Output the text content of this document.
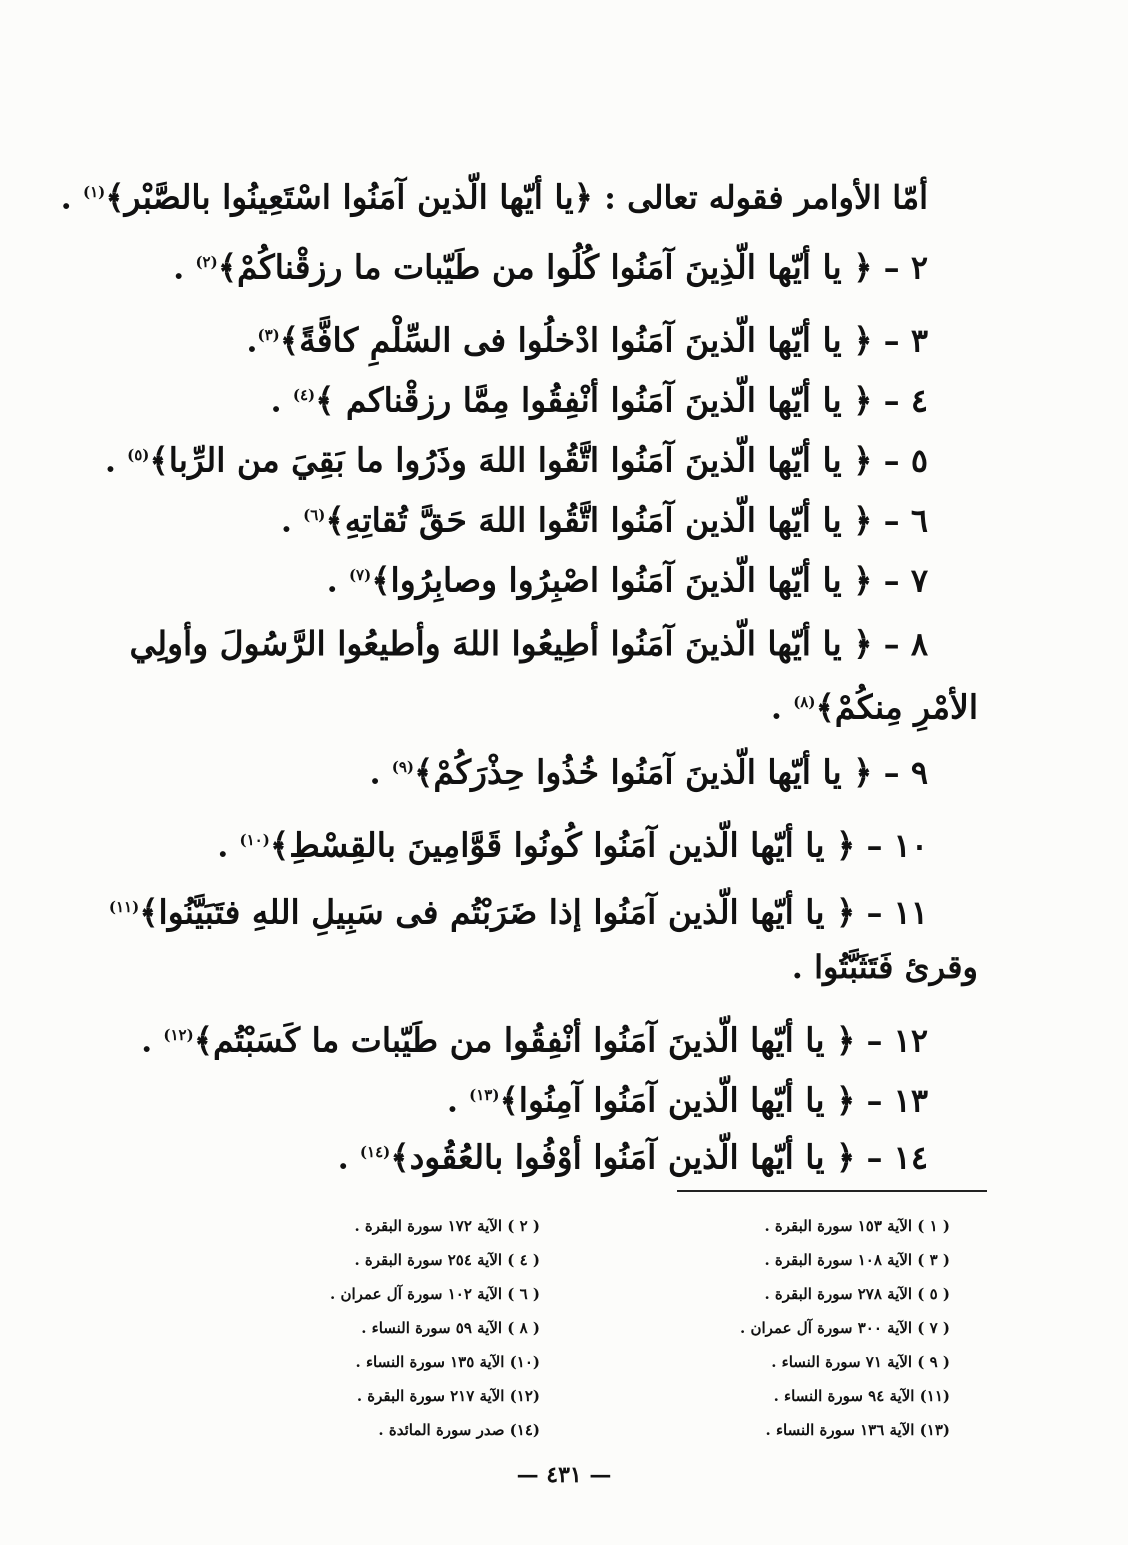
أمّا الأوامر فقوله تعالى : ﴿يا أيّها الّذين آمَنُوا اسْتَعِينُوا بالصَّبْر﴾$^{(١)}$ .
٢ – ﴿ يا أيّها الّذِينَ آمَنُوا كُلُوا من طَيّبات ما رزقْناكُمْ﴾$^{(٢)}$ .
٣ – ﴿ يا أيّها الّذينَ آمَنُوا ادْخلُوا فى السِّلْمِ كافَّةً﴾$^{(٣)}$.
٤ – ﴿ يا أيّها الّذينَ آمَنُوا أنْفِقُوا مِمَّا رزقْناكم ﴾$^{(٤)}$ .
٥ – ﴿ يا أيّها الّذينَ آمَنُوا اتَّقُوا اللهَ وذَرُوا ما بَقِيَ من الرِّبا﴾$^{(٥)}$ .
٦ – ﴿ يا أيّها الّذين آمَنُوا اتَّقُوا اللهَ حَقَّ تُقاتِهِ﴾$^{(٦)}$ .
٧ – ﴿ يا أيّها الّذينَ آمَنُوا اصْبِرُوا وصابِرُوا﴾$^{(٧)}$ .
٨ – ﴿ يا أيّها الّذينَ آمَنُوا أطِيعُوا اللهَ وأطيعُوا الرَّسُولَ وأولِي
الأمْرِ مِنكُمْ﴾$^{(٨)}$ .
٩ – ﴿ يا أيّها الّذينَ آمَنُوا خُذُوا حِذْرَكُمْ﴾$^{(٩)}$ .
١٠ – ﴿ يا أيّها الّذين آمَنُوا كُونُوا قَوَّامِينَ بالقِسْطِ﴾$^{(١٠)}$ .
١١ – ﴿ يا أيّها الّذين آمَنُوا إذا ضَرَبْتُم فى سَبِيلِ اللهِ فتَبَيَّنُوا﴾$^{(١١)}$
وقرئ فَتَثَبَّتُوا .
١٢ – ﴿ يا أيّها الّذينَ آمَنُوا أنْفِقُوا من طَيّبات ما كَسَبْتُم﴾$^{(١٢)}$ .
١٣ – ﴿ يا أيّها الّذين آمَنُوا آمِنُوا﴾$^{(١٣)}$ .
١٤ – ﴿ يا أيّها الّذين آمَنُوا أوْفُوا بالعُقُود﴾$^{(١٤)}$ .
( ١ ) الآية ١٥٣ سورة البقرة .
( ٣ ) الآية ١٠٨ سورة البقرة .
( ٥ ) الآية ٢٧٨ سورة البقرة .
( ٧ ) الآية ٣٠٠ سورة آل عمران .
( ٩ ) الآية ٧١ سورة النساء .
(١١) الآية ٩٤ سورة النساء .
(١٣) الآية ١٣٦ سورة النساء .
( ٢ ) الآية ١٧٢ سورة البقرة .
( ٤ ) الآية ٢٥٤ سورة البقرة .
( ٦ ) الآية ١٠٢ سورة آل عمران .
( ٨ ) الآية ٥٩ سورة النساء .
(١٠) الآية ١٣٥ سورة النساء .
(١٢) الآية ٢١٧ سورة البقرة .
(١٤) صدر سورة المائدة .
— ٤٣١ —
